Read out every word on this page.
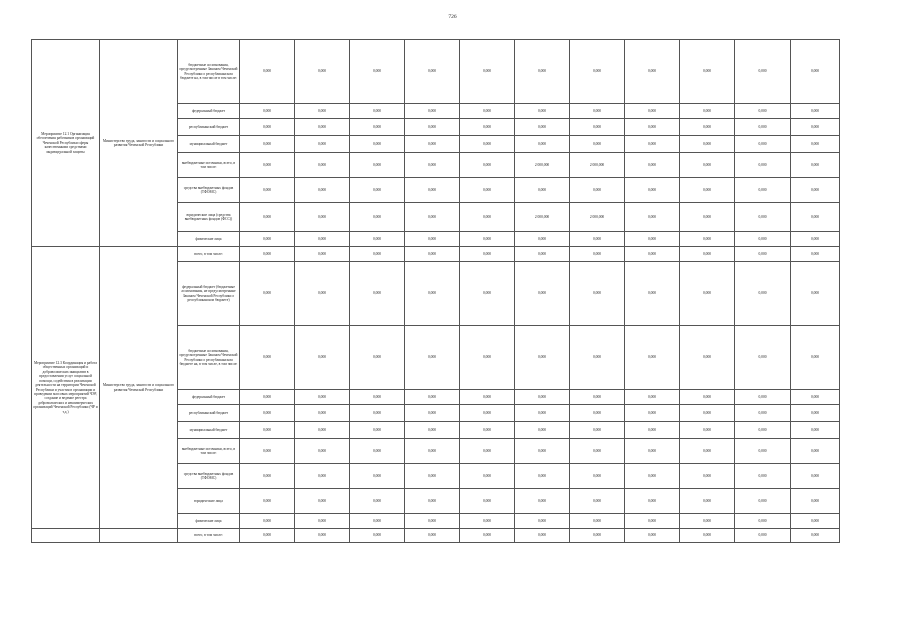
726
Мероприятие 12.1 Организация обеспечения работников организаций Чеченской Республики сферы качественными средствами индивидуальной защиты	Министерство труда, занятости и социального развития Чеченской Республики	бюджетные ассигнования, предусмотренные Законом Чеченской Республики о республиканском бюджете на, в том числе в том числе:	0,000	0,000	0,000	0,000	0,000	0,000	0,000	0,000	0,000	0,000	0,000
		федеральный бюджет	0,000	0,000	0,000	0,000	0,000	0,000	0,000	0,000	0,000	0,000	0,000
		республиканский бюджет	0,000	0,000	0,000	0,000	0,000	0,000	0,000	0,000	0,000	0,000	0,000
		муниципальный бюджет	0,000	0,000	0,000	0,000	0,000	0,000	0,000	0,000	0,000	0,000	0,000
		внебюджетные источники, всего, в том числе:	0,000	0,000	0,000	0,000	0,000	2 000,000	2 000,000	0,000	0,000	0,000	0,000
		средства внебюджетных фондов (ТФОМС)	0,000	0,000	0,000	0,000	0,000	0,000	0,000	0,000	0,000	0,000	0,000
		юридические лица (средства внебюджетных фондов (ФСС))	0,000	0,000	0,000	0,000	0,000	2 000,000	2 000,000	0,000	0,000	0,000	0,000
		физические лица	0,000	0,000	0,000	0,000	0,000	0,000	0,000	0,000	0,000	0,000	0,000
Мероприятие 12.3 Координация и работа общественных организаций и добровольческих инициатив в предоставлении услуг социальной помощи, содействия в реализации деятельности на территории Чеченской Республики и участия в организации и проведении массовых мероприятий ЧЭР, создание и ведение реестра добровольческих и некоммерческих организаций Чеченской Республики (ЧР и т.д.)	Министерство труда, занятости и социального развития Чеченской Республики	всего, в том числе:	0,000	0,000	0,000	0,000	0,000	0,000	0,000	0,000	0,000	0,000	0,000
		федеральный бюджет (бюджетные ассигнования, не предусмотренные Законом Чеченской Республики о республиканском бюджете)	0,000	0,000	0,000	0,000	0,000	0,000	0,000	0,000	0,000	0,000	0,000
		бюджетные ассигнования, предусмотренные Законом Чеченской Республики о республиканском бюджете на, в том числе, в том числе:	0,000	0,000	0,000	0,000	0,000	0,000	0,000	0,000	0,000	0,000	0,000
		федеральный бюджет	0,000	0,000	0,000	0,000	0,000	0,000	0,000	0,000	0,000	0,000	0,000
		республиканский бюджет	0,000	0,000	0,000	0,000	0,000	0,000	0,000	0,000	0,000	0,000	0,000
		муниципальный бюджет	0,000	0,000	0,000	0,000	0,000	0,000	0,000	0,000	0,000	0,000	0,000
		внебюджетные источники, всего, в том числе:	0,000	0,000	0,000	0,000	0,000	0,000	0,000	0,000	0,000	0,000	0,000
		средства внебюджетных фондов (ТФОМС)	0,000	0,000	0,000	0,000	0,000	0,000	0,000	0,000	0,000	0,000	0,000
		юридические лица	0,000	0,000	0,000	0,000	0,000	0,000	0,000	0,000	0,000	0,000	0,000
		физические лица	0,000	0,000	0,000	0,000	0,000	0,000	0,000	0,000	0,000	0,000	0,000
		всего, в том числе:	0,000	0,000	0,000	0,000	0,000	0,000	0,000	0,000	0,000	0,000	0,000
